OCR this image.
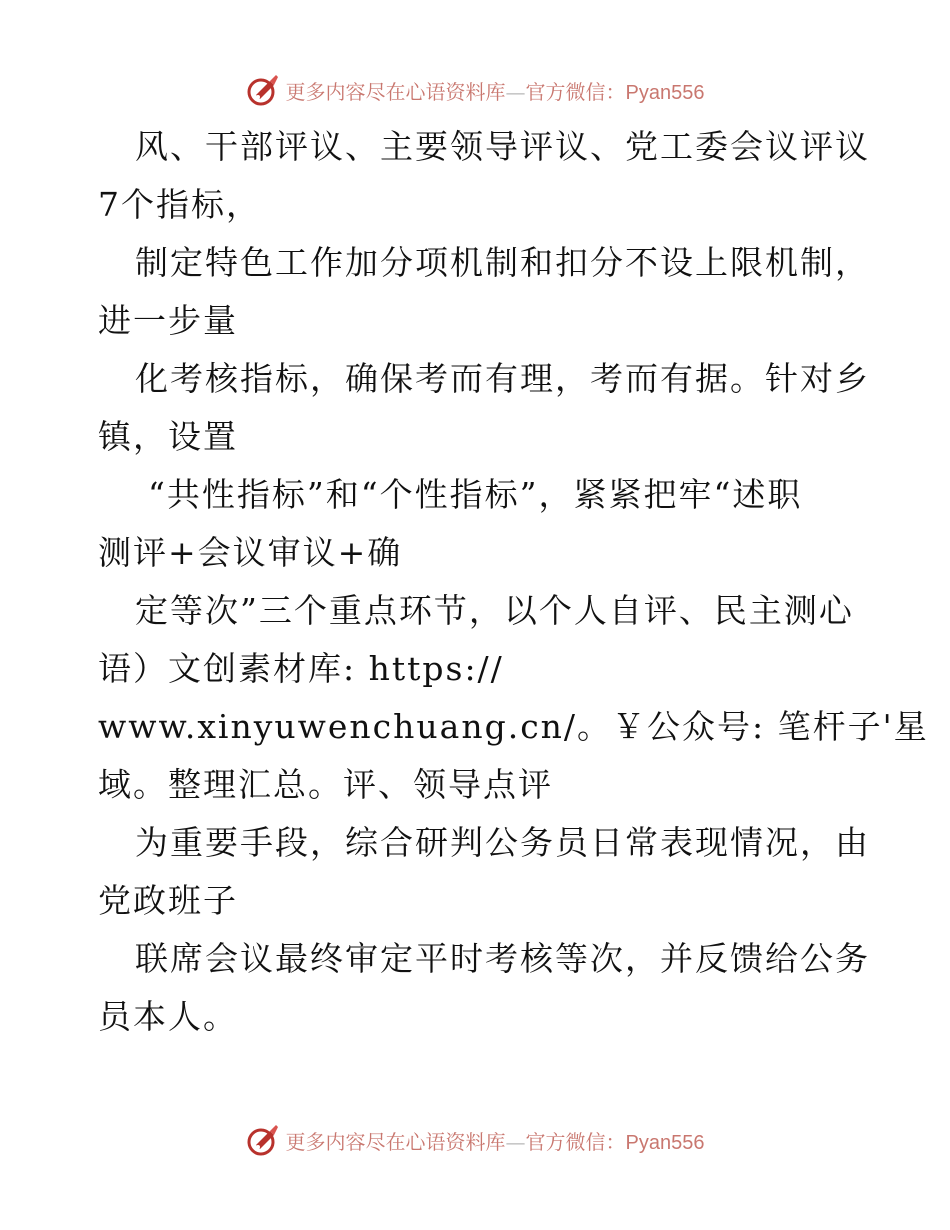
更多内容尽在心语资料库—官方微信：Pyan556
风、干部评议、主要领导评议、党工委会议评议
7个指标，
制定特色工作加分项机制和扣分不设上限机制，
进一步量
化考核指标，确保考而有理，考而有据。针对乡
镇，设置
“共性指标”和“个性指标”，紧紧把牢“述职
测评+会议审议+确
定等次”三个重点环节，以个人自评、民主测心
语）文创素材库: https://
www.xinyuwenchuang.cn/。￥公众号: 笔杆子'星
域。整理汇总。评、领导点评
为重要手段，综合研判公务员日常表现情况，由
党政班子
联席会议最终审定平时考核等次，并反馈给公务
员本人。
更多内容尽在心语资料库—官方微信：Pyan556
